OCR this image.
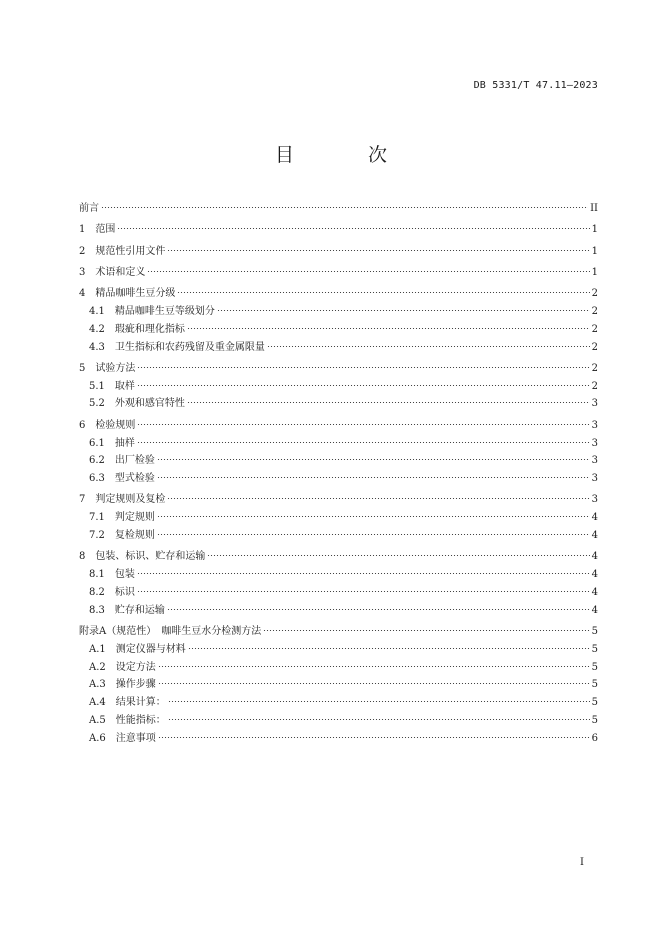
DB 5331/T 47.11—2023
目 次
前言	II
1　范围	1
2　规范性引用文件	1
3　术语和定义	1
4　精品咖啡生豆分级	2
4.1　精品咖啡生豆等级划分	2
4.2　瑕疵和理化指标	2
4.3　卫生指标和农药残留及重金属限量	2
5　试验方法	2
5.1　取样	2
5.2　外观和感官特性	3
6　检验规则	3
6.1　抽样	3
6.2　出厂检验	3
6.3　型式检验	3
7　判定规则及复检	3
7.1　判定规则	4
7.2　复检规则	4
8　包装、标识、贮存和运输	4
8.1　包装	4
8.2　标识	4
8.3　贮存和运输	4
附录A（规范性）　咖啡生豆水分检测方法	5
A.1　测定仪器与材料	5
A.2　设定方法	5
A.3　操作步骤	5
A.4　结果计算：	5
A.5　性能指标：	5
A.6　注意事项	6
I
